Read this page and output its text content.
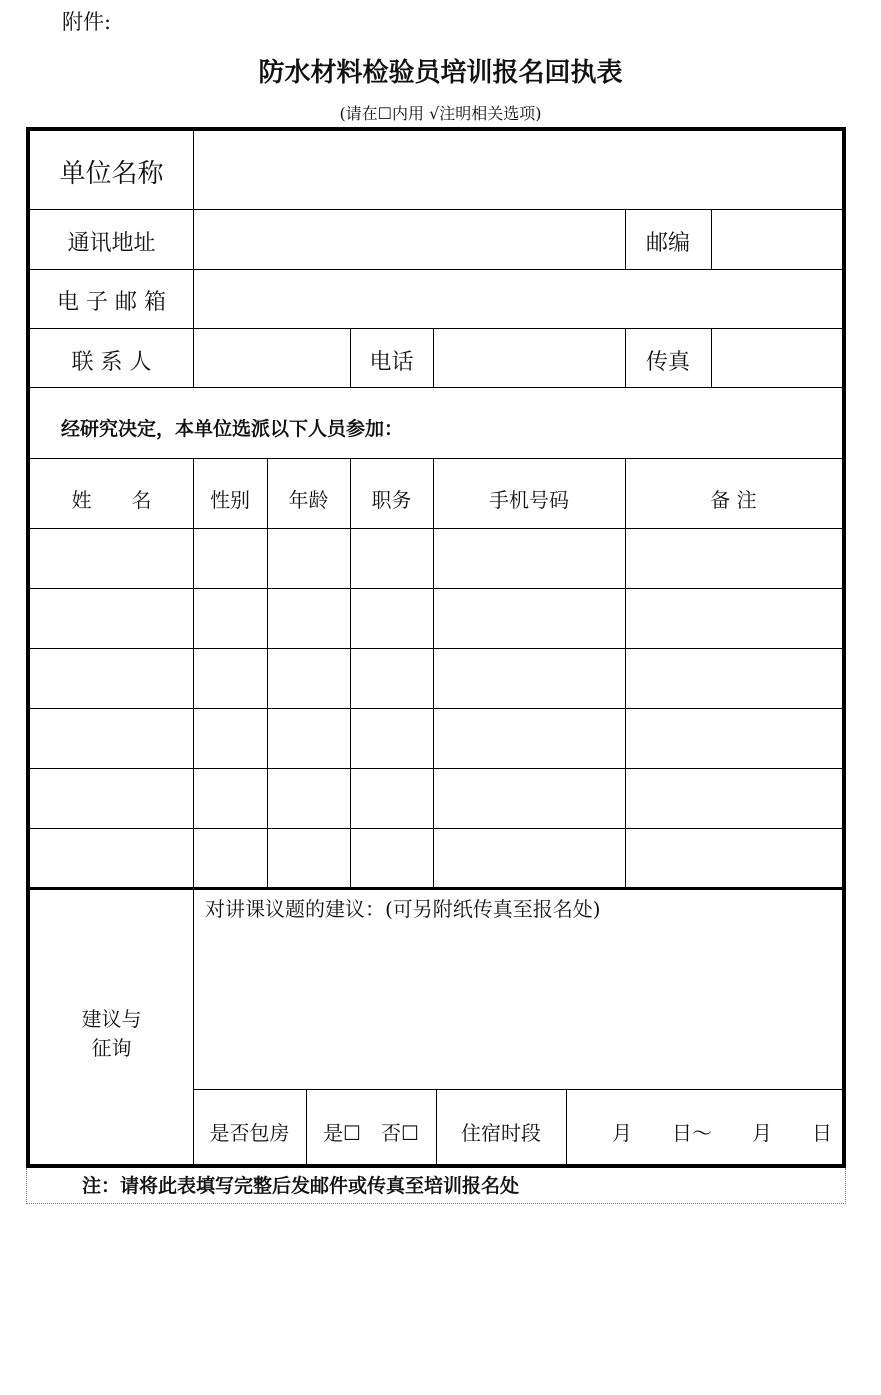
附件:
防水材料检验员培训报名回执表
(请在☐内用 √注明相关选项)
单位名称
通讯地址	邮编
电 子 邮 箱
联 系 人	电话	传真
经研究决定，本单位选派以下人员参加：
姓　　名	性别	年龄	职务	手机号码	备 注
建议与
征询
对讲课议题的建议：(可另附纸传真至报名处)
是否包房	是☐　否☐	住宿时段	月　　日～　　月　　日
注：请将此表填写完整后发邮件或传真至培训报名处
